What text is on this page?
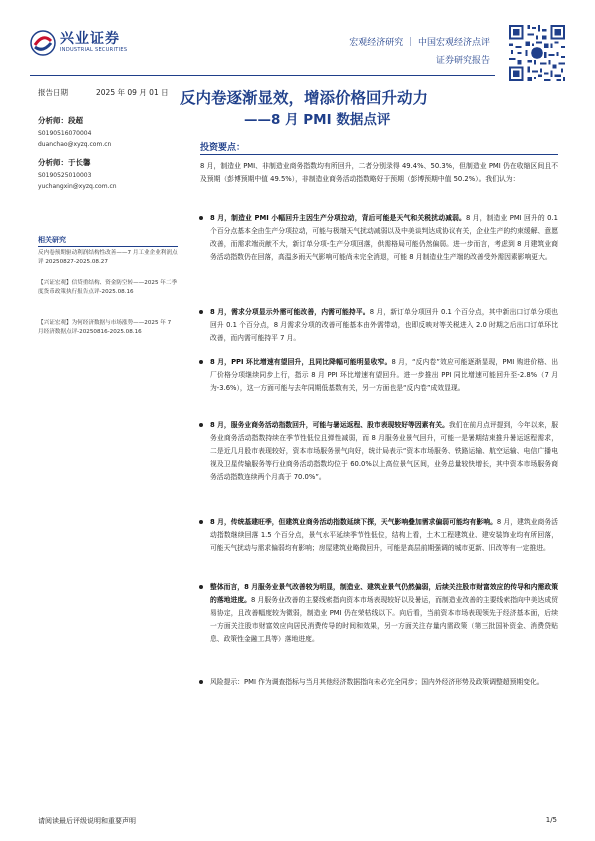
兴业证券
INDUSTRIAL SECURITIES
宏观经济研究 ｜ 中国宏观经济点评
证券研究报告
报告日期	2025 年 09 月 01 日 反内卷逐渐显效，增添价格回升动力
——8 月 PMI 数据点评
分析师：段超
S0190516070004
duanchao@xyzq.com.cn
分析师：于长馨
S0190525010003
yuchangxin@xyzq.com.cn
相关研究
反内卷预期驱动利润结构性改善——7 月工业企业利润点评 20250827-2025.08.27
【兴证宏观】信贷重结构、资金防空转——2025 年二季度货币政策执行报告点评-2025.08.16
【兴证宏观】为何经济数据与市场涨势——2025 年 7 月经济数据点评-20250816-2025.08.16
投资要点：
8 月，制造业 PMI、非制造业商务指数均有所回升，二者分别录得 49.4%、50.3%，但制造业 PMI 仍在收缩区间且不及预期（彭博预期中值 49.5%），非制造业商务活动指数略好于预期（彭博预期中值 50.2%）。我们认为：
8 月，制造业 PMI 小幅回升主因生产分项拉动，背后可能是天气和关税扰动减弱。8 月，制造业 PMI 回升的 0.1 个百分点基本全由生产分项拉动，可能与极端天气扰动减弱以及中美谈判达成协议有关，企业生产的约束缓解、意愿改善，而需求端贡献不大，新订单分项-生产分项回落，供需格局可能仍然偏弱。进一步而言，考虑到 8 月建筑业商务活动指数仍在回落，高温多雨天气影响可能尚未完全消退，可能 8 月制造业生产端的改善受外需因素影响更大。
8 月，需求分项显示外需可能改善，内需可能持平。8 月，新订单分项回升 0.1 个百分点，其中新出口订单分项也回升 0.1 个百分点，8 月需求分项的改善可能基本由外需带动，也即反映对等关税进入 2.0 时期之后出口订单环比改善，而内需可能持平 7 月。
8 月，PPI 环比增速有望回升，且同比降幅可能明显收窄。8 月，“反内卷”效应可能逐渐显现，PMI 购进价格、出厂价格分项继续同步上行，指示 8 月 PPI 环比增速有望回升。进一步推出 PPI 同比增速可能回升至-2.8%（7 月为-3.6%），这一方面可能与去年同期低基数有关，另一方面也是“反内卷”成效显现。
8 月，服务业商务活动指数回升，可能与暑运返程、股市表现较好等因素有关。我们在前月点评提到，今年以来，服务业商务活动指数持续在季节性低位且弹性减弱，而 8 月服务业景气回升，可能一是暑期结束推升暑运返程需求，二是近几月股市表现较好，资本市场服务景气向好，统计局表示“资本市场服务、铁路运输、航空运输、电信广播电视及卫星传输服务等行业商务活动指数均位于 60.0%以上高位景气区间，业务总量较快增长，其中资本市场服务商务活动指数连续两个月高于 70.0%”。
8 月，传统基建旺季，但建筑业商务活动指数延续下探，天气影响叠加需求偏弱可能均有影响。8 月，建筑业商务活动指数继续回落 1.5 个百分点，景气水平延续季节性低位，结构上看，土木工程建筑业、建安装饰业均有所回落，可能天气扰动与需求偏弱均有影响；房屋建筑业略微回升，可能是高层前期强调的城市更新、旧改等有一定推进。
整体而言，8 月服务业景气改善较为明显，制造业、建筑业景气仍然偏弱，后续关注股市财富效应的传导和内需政策的落地进度。8 月服务业改善的主要线索指向资本市场表现较好以及暑运，而制造业改善的主要线索指向中美达成贸易协定，且改善幅度较为微弱，制造业 PMI 仍在荣枯线以下。向后看，当前资本市场表现领先于经济基本面，后续一方面关注股市财富效应向居民消费传导的时间和效果，另一方面关注存量内需政策（第三批国补资金、消费贷贴息、政策性金融工具等）落地进度。
风险提示：PMI 作为调查指标与当月其他经济数据指向未必完全同步；国内外经济形势及政策调整超预期变化。
请阅读最后评级说明和重要声明	1/5
